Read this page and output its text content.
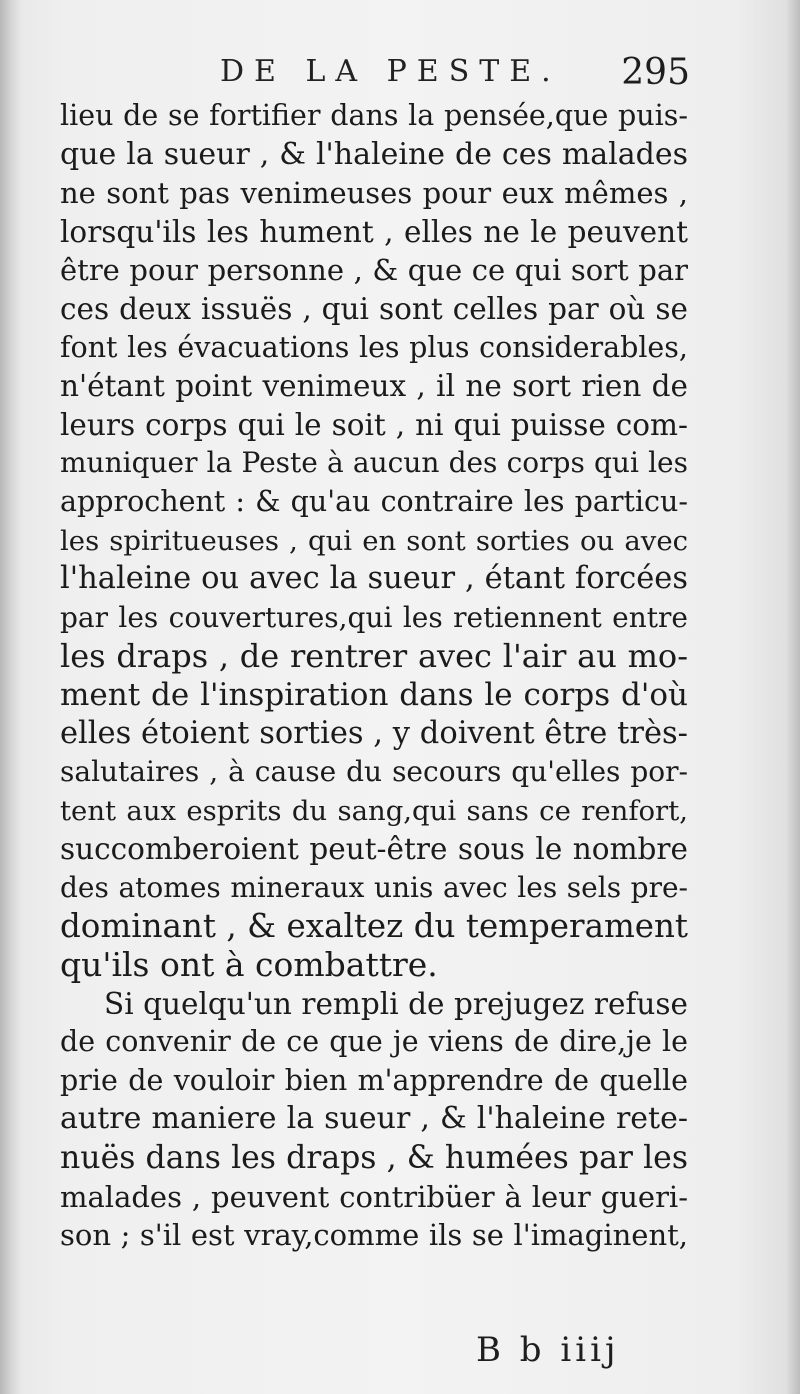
DE LA PESTE. 295
lieu de se fortifier dans la pensée,que puis-
que la sueur , & l'haleine de ces malades
ne sont pas venimeuses pour eux mêmes ,
lorsqu'ils les hument , elles ne le peuvent
être pour personne , & que ce qui sort par
ces deux issuës , qui sont celles par où se
font les évacuations les plus considerables,
n'étant point venimeux , il ne sort rien de
leurs corps qui le soit , ni qui puisse com-
muniquer la Peste à aucun des corps qui les
approchent : & qu'au contraire les particu-
les spiritueuses , qui en sont sorties ou avec
l'haleine ou avec la sueur , étant forcées
par les couvertures,qui les retiennent entre
les draps , de rentrer avec l'air au mo-
ment de l'inspiration dans le corps d'où
elles étoient sorties , y doivent être très-
salutaires , à cause du secours qu'elles por-
tent aux esprits du sang,qui sans ce renfort,
succomberoient peut-être sous le nombre
des atomes mineraux unis avec les sels pre-
dominant , & exaltez du temperament
qu'ils ont à combattre.
Si quelqu'un rempli de prejugez refuse
de convenir de ce que je viens de dire,je le
prie de vouloir bien m'apprendre de quelle
autre maniere la sueur , & l'haleine rete-
nuës dans les draps , & humées par les
malades , peuvent contribüer à leur gueri-
son ; s'il est vray,comme ils se l'imaginent,
B b iiij
